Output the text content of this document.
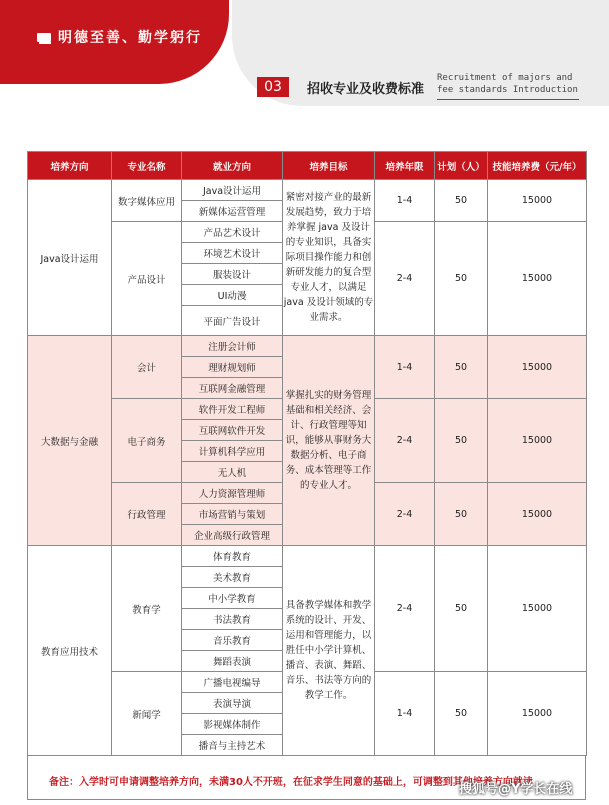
明德至善、勤学躬行
03	招收专业及收费标准
Recruitment of majors and
fee standards Introduction
培养方向	专业名称	就业方向	培养目标	培养年限	计划（人）	技能培养费（元/年）
Java设计运用	数字媒体应用	Java设计运用	紧密对接产业的最新发展趋势，致力于培养掌握 java 及设计的专业知识，具备实际项目操作能力和创新研发能力的复合型专业人才，以满足 java 及设计领域的专业需求。	1-4	50	15000
		新媒体运营管理				
	产品设计	产品艺术设计		2-4	50	15000
		环境艺术设计				
		服装设计				
		UI动漫				
		平面广告设计				

大数据与金融	会计	注册会计师	掌握扎实的财务管理基础和相关经济、会计、行政管理等知识，能够从事财务大数据分析、电子商务、成本管理等工作的专业人才。	1-4	50	15000
		理财规划师				
		互联网金融管理				
	电子商务	软件开发工程师		2-4	50	15000
		互联网软件开发				
		计算机科学应用				
		无人机				
	行政管理	人力资源管理师		2-4	50	15000
		市场营销与策划				
		企业高级行政管理				
教育应用技术	教育学	体育教育	具备教学媒体和教学系统的设计、开发、运用和管理能力，以胜任中小学计算机、播音、表演、舞蹈、音乐、书法等方向的教学工作。	2-4	50	15000
		美术教育				
		中小学教育				
		书法教育				
		音乐教育				
		舞蹈表演				
	新闻学	广播电视编导		1-4	50	15000
		表演导演				
		影视媒体制作				
		播音与主持艺术				
备注：入学时可申请调整培养方向，未满30人不开班，在征求学生同意的基础上，可调整到其他培养方向就读
搜狐号@Y学长在线
